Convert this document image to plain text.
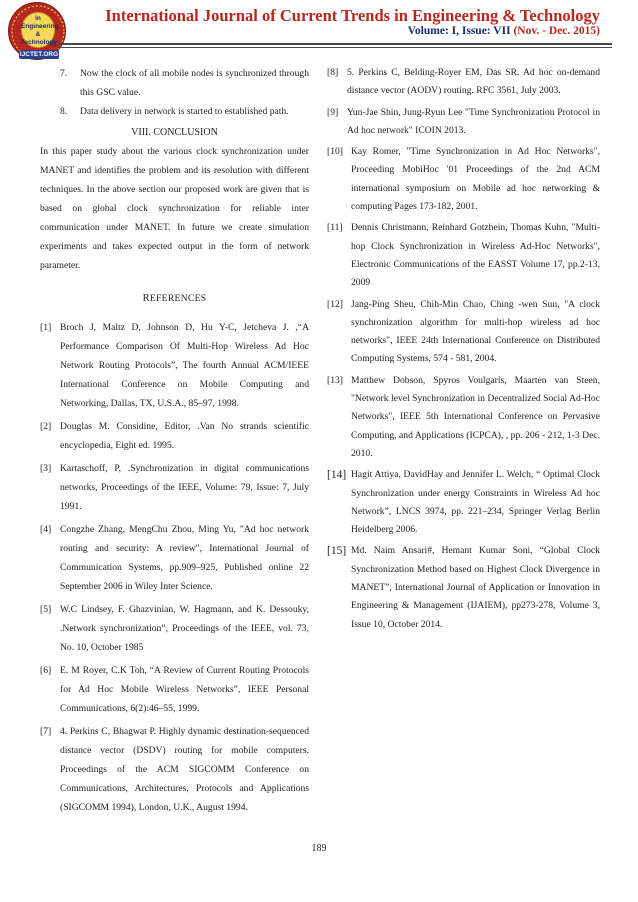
in
Engineering
&
Technology
IJCTET.ORG
International Journal of Current Trends in Engineering & Technology
Volume: I, Issue: VII (Nov. - Dec. 2015)
7. Now the clock of all mobile nodes is synchronized through this GSC value.
8. Data delivery in network is started to established path.
VIII. CONCLUSION

In this paper study about the various clock synchronization under MANET and identifies the problem and its resolution with different techniques. In the above section our proposed work are given that is based on global clock synchronization for reliable inter communication under MANET. In future we create simulation experiments and takes expected output in the form of network parameter.

REFERENCES
[1] Broch J, Maltz D, Johnson D, Hu Y-C, Jetcheva J. ,“A Performance Comparison Of Multi-Hop Wireless Ad Hoc Network Routing Protocols”, The fourth Annual ACM/IEEE International Conference on Mobile Computing and Networking, Dallas, TX, U.S.A., 85–97, 1998.
[2] Douglas M. Considine, Editor, .Van No strands scientific encyclopedia, Eight ed. 1995.
[3] Kartaschoff, P, .Synchronization in digital communications networks, Proceedings of the IEEE, Volume: 79, Issue: 7, July 1991.
[4] Congzhe Zhang, MengChu Zhou, Ming Yu, "Ad hoc network routing and security: A review", International Journal of Communication Systems, pp.909–925, Published online 22 September 2006 in Wiley Inter Science.
[5] W.C Lindsey, F. Ghazvinian, W. Hagmann, and K. Dessouky, .Network synchronization”, Proceedings of the IEEE, vol. 73, No. 10, October 1985
[6] E. M Royer, C.K Toh, “A Review of Current Routing Protocols for Ad Hoc Mobile Wireless Networks”, IEEE Personal Communications, 6(2):46–55, 1999.
[7] 4. Perkins C, Bhagwat P. Highly dynamic destination-sequenced distance vector (DSDV) routing for mobile computers. Proceedings of the ACM SIGCOMM Conference on Communications, Architectures, Protocols and Applications (SIGCOMM 1994), London, U.K., August 1994.
[8] 5. Perkins C, Belding-Royer EM, Das SR. Ad hoc on-demand distance vector (AODV) routing. RFC 3561, July 2003.
[9] Yun-Jae Shin, Jung-Ryun Lee "Time Synchronization Protocol in Ad hoc network" ICOIN 2013.
[10] Kay Romer, "Time Synchronization in Ad Hoc Networks", Proceeding MobiHoc '01 Proceedings of the 2nd ACM international symposium on Mobile ad hoc networking & computing Pages 173-182, 2001.
[11] Dennis Christmann, Reinhard Gotzhein, Thomas Kuhn, "Multi-hop Clock Synchronization in Wireless Ad-Hoc Networks", Electronic Communications of the EASST Volume 17, pp.2-13, 2009
[12] Jang-Ping Sheu, Chih-Min Chao, Ching -wen Sun, "A clock synchronization algorithm for multi-hop wireless ad hoc networks", IEEE 24th International Conference on Distributed Computing Systems, 574 - 581, 2004.
[13] Matthew Dobson, Spyros Voulgaris, Maarten van Steen, "Network level Synchronization in Decentralized Social Ad-Hoc Networks", IEEE 5th International Conference on Pervasive Computing, and Applications (ICPCA), , pp. 206 - 212, 1-3 Dec. 2010.
[14] Hagit Attiya, DavidHay and Jennifer L. Welch, “ Optimal Clock Synchronization under energy Constraints in Wireless Ad hoc Network”, LNCS 3974, pp. 221–234, Springer Verlag Berlin Heidelberg 2006.
[15] Md. Naim Ansari#, Hemant Kumar Soni, “Global Clock Synchronization Method based on Highest Clock Divergence in MANET”, International Journal of Application or Innovation in Engineering & Management (IJAIEM), pp273-278, Volume 3, Issue 10, October 2014.
189
